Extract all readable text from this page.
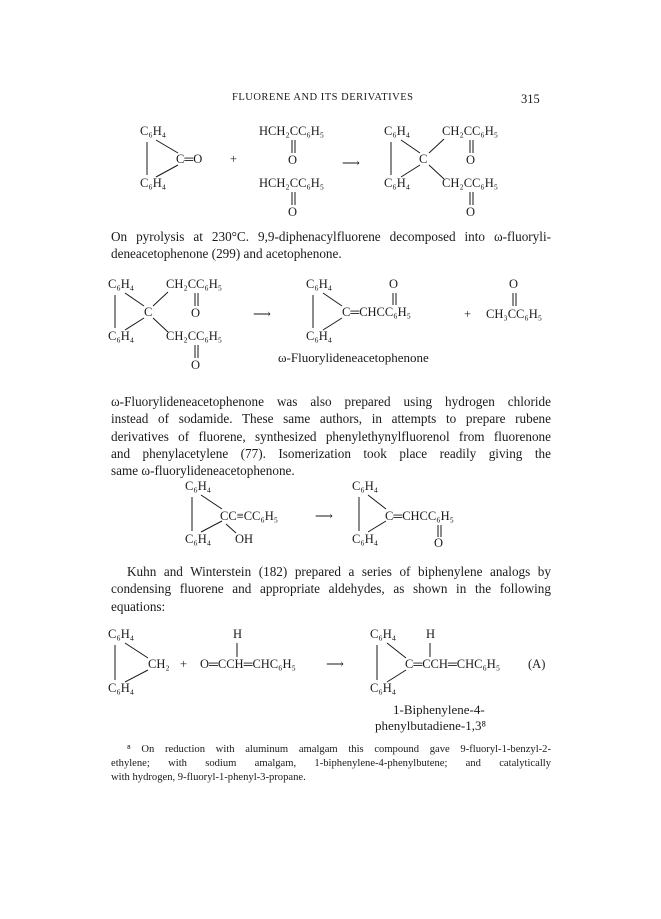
FLUORENE AND ITS DERIVATIVES	315
C₆H₄
C₆H₄
C═O +
HCH₂CC₆H₅
O
HCH₂CC₆H₅
O
⟶
C₆H₄
C₆H₄
C
CH₂CC₆H₅
O
CH₂CC₆H₅
O
On pyrolysis at 230°C. 9,9-diphenacylfluorene decomposed into ω-fluoryli-
deneacetophenone (299) and acetophenone.
C₆H₄
C₆H₄
C
CH₂CC₆H₅
O
CH₂CC₆H₅
O
⟶
C₆H₄
C₆H₄
C═CHCC₆H₅
O
+ CH₃CC₆H₅
O
ω-Fluorylideneacetophenone
ω-Fluorylideneacetophenone was also prepared using hydrogen chloride
instead of sodamide. These same authors, in attempts to prepare rubene
derivatives of fluorene, synthesized phenylethynylfluorenol from fluorenone
and phenylacetylene (77). Isomerization took place readily giving the
same ω-fluorylideneacetophenone.
C₆H₄
C₆H₄
CC≡CC₆H₅
OH
⟶
C₆H₄
C₆H₄
C═CHCC₆H₅
O
Kuhn and Winterstein (182) prepared a series of biphenylene analogs by
condensing fluorene and appropriate aldehydes, as shown in the following
equations:
C₆H₄
C₆H₄
CH₂ +
H
O═CCH═CHC₆H₅ ⟶
C₆H₄
C₆H₄
H
C═CCH═CHC₆H₅ (A)
1-Biphenylene-4-
phenylbutadiene-1,3⁸
⁸ On reduction with aluminum amalgam this compound gave 9-fluoryl-1-benzyl-2-
ethylene; with sodium amalgam, 1-biphenylene-4-phenylbutene; and catalytically
with hydrogen, 9-fluoryl-1-phenyl-3-propane.
